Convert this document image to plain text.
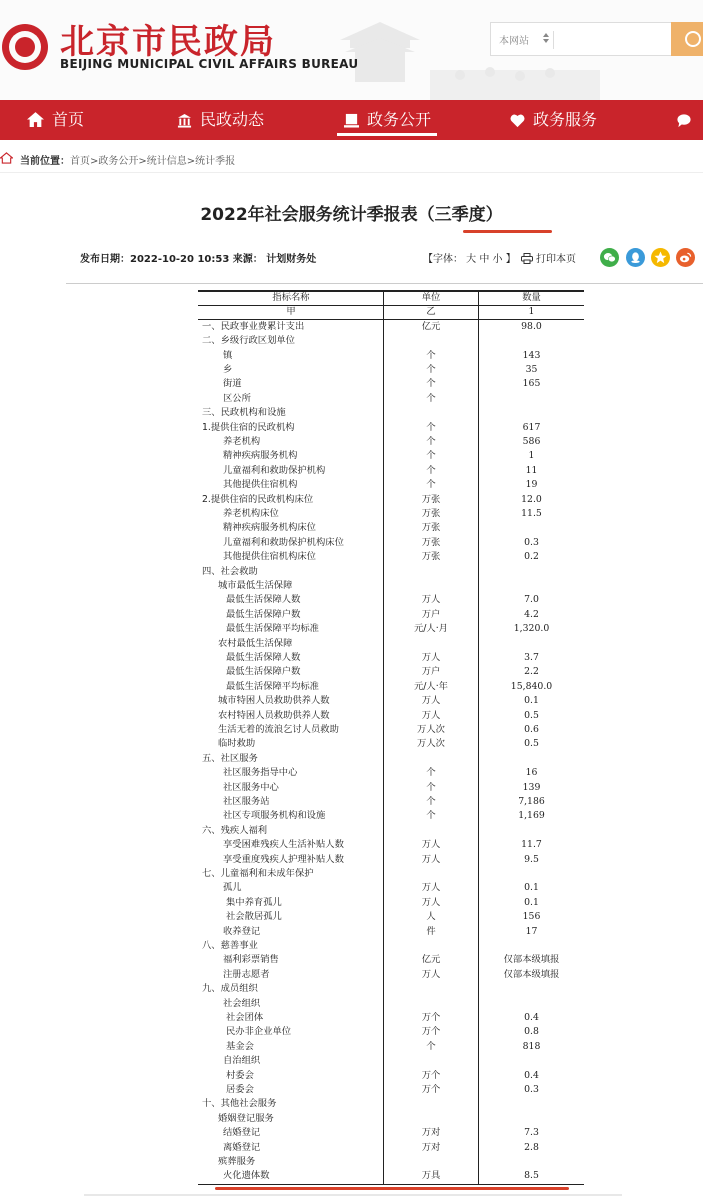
北京市民政局
BEIJING MUNICIPAL CIVIL AFFAIRS BUREAU
本网站
首页	民政动态	政务公开	政务服务
当前位置： 首页>政务公开>统计信息>统计季报
2022年社会服务统计季报表（三季度）
发布日期：2022-10-20 10:53 来源： 计划财务处	【字体： 大 中 小 】	打印本页
指标名称	单位	数量
甲	乙	1
一、民政事业费累计支出	亿元	98.0
二、乡级行政区划单位
镇	个	143
乡	个	35
街道	个	165
区公所	个
三、民政机构和设施
1.提供住宿的民政机构	个	617
养老机构	个	586
精神疾病服务机构	个	1
儿童福利和救助保护机构	个	11
其他提供住宿机构	个	19
2.提供住宿的民政机构床位	万张	12.0
养老机构床位	万张	11.5
精神疾病服务机构床位	万张
儿童福利和救助保护机构床位	万张	0.3
其他提供住宿机构床位	万张	0.2
四、社会救助
城市最低生活保障
最低生活保障人数	万人	7.0
最低生活保障户数	万户	4.2
最低生活保障平均标准	元/人·月	1,320.0
农村最低生活保障
最低生活保障人数	万人	3.7
最低生活保障户数	万户	2.2
最低生活保障平均标准	元/人·年	15,840.0
城市特困人员救助供养人数	万人	0.1
农村特困人员救助供养人数	万人	0.5
生活无着的流浪乞讨人员救助	万人次	0.6
临时救助	万人次	0.5
五、社区服务
社区服务指导中心	个	16
社区服务中心	个	139
社区服务站	个	7,186
社区专项服务机构和设施	个	1,169
六、残疾人福利
享受困难残疾人生活补贴人数	万人	11.7
享受重度残疾人护理补贴人数	万人	9.5
七、儿童福利和未成年保护
孤儿	万人	0.1
集中养育孤儿	万人	0.1
社会散居孤儿	人	156
收养登记	件	17
八、慈善事业
福利彩票销售	亿元	仅部本级填报
注册志愿者	万人	仅部本级填报
九、成员组织
社会组织
社会团体	万个	0.4
民办非企业单位	万个	0.8
基金会	个	818
自治组织
村委会	万个	0.4
居委会	万个	0.3
十、其他社会服务
婚姻登记服务
结婚登记	万对	7.3
离婚登记	万对	2.8
殡葬服务
火化遗体数	万具	8.5
